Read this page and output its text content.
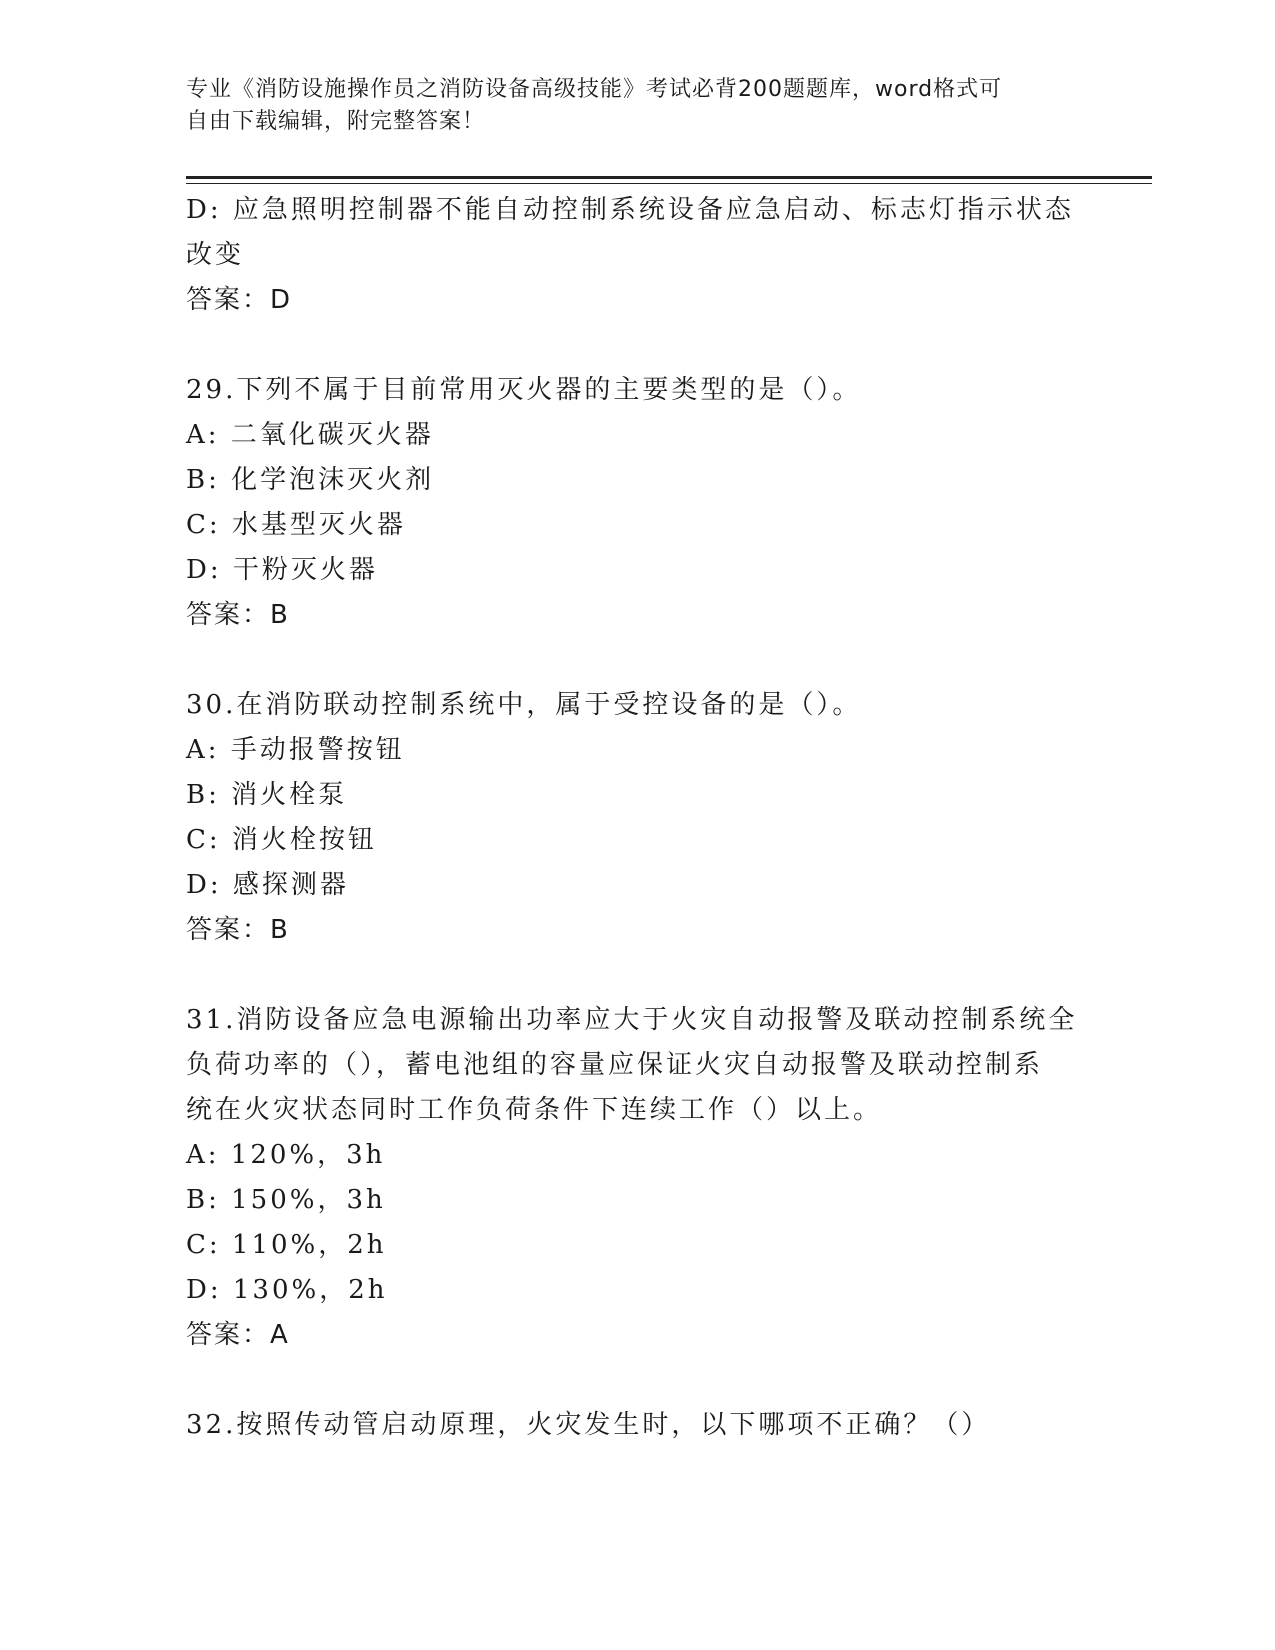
专业《消防设施操作员之消防设备高级技能》考试必背200题题库，word格式可
自由下载编辑，附完整答案！

D: 应急照明控制器不能自动控制系统设备应急启动、标志灯指示状态

改变

答案：D

29.下列不属于目前常用灭火器的主要类型的是（）。

A: 二氧化碳灭火器

B: 化学泡沫灭火剂

C: 水基型灭火器

D: 干粉灭火器

答案：B

30.在消防联动控制系统中，属于受控设备的是（）。

A: 手动报警按钮

B: 消火栓泵

C: 消火栓按钮

D: 感探测器

答案：B

31.消防设备应急电源输出功率应大于火灾自动报警及联动控制系统全

负荷功率的（），蓄电池组的容量应保证火灾自动报警及联动控制系

统在火灾状态同时工作负荷条件下连续工作（）以上。

A: 120%，3h

B: 150%，3h

C: 110%，2h

D: 130%，2h

答案：A

32.按照传动管启动原理，火灾发生时，以下哪项不正确？（）
